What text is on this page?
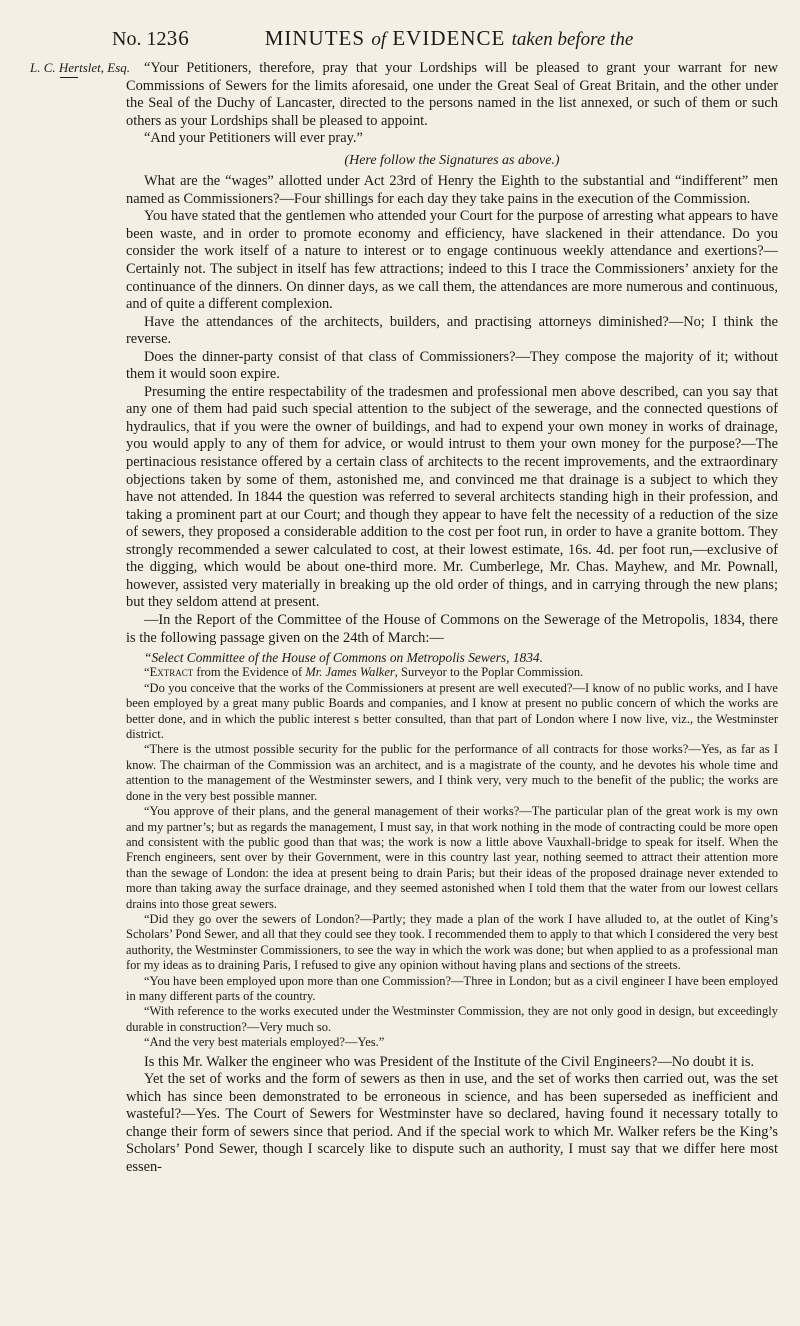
No. 12.
36	MINUTES of EVIDENCE taken before the
L. C. Hertslet, Esq. “Your Petitioners, therefore, pray that your Lordships will be pleased to grant your warrant for new Commissions of Sewers for the limits aforesaid, one under the Great Seal of Great Britain, and the other under the Seal of the Duchy of Lancaster, directed to the persons named in the list annexed, or such of them or such others as your Lordships shall be pleased to appoint.

“And your Petitioners will ever pray.”

(Here follow the Signatures as above.)

What are the “wages” allotted under Act 23rd of Henry the Eighth to the substantial and “indifferent” men named as Commissioners?—Four shillings for each day they take pains in the execution of the Commission.

You have stated that the gentlemen who attended your Court for the purpose of arresting what appears to have been waste, and in order to promote economy and efficiency, have slackened in their attendance. Do you consider the work itself of a nature to interest or to engage continuous weekly attendance and exertions?—Certainly not. The subject in itself has few attractions; indeed to this I trace the Commissioners’ anxiety for the continuance of the dinners. On dinner days, as we call them, the attendances are more numerous and continuous, and of quite a different complexion.

Have the attendances of the architects, builders, and practising attorneys diminished?—No; I think the reverse.

Does the dinner-party consist of that class of Commissioners?—They compose the majority of it; without them it would soon expire.

Presuming the entire respectability of the tradesmen and professional men above described, can you say that any one of them had paid such special attention to the subject of the sewerage, and the connected questions of hydraulics, that if you were the owner of buildings, and had to expend your own money in works of drainage, you would apply to any of them for advice, or would intrust to them your own money for the purpose?—The pertinacious resistance offered by a certain class of architects to the recent improvements, and the extraordinary objections taken by some of them, astonished me, and convinced me that drainage is a subject to which they have not attended. In 1844 the question was referred to several architects standing high in their profession, and taking a prominent part at our Court; and though they appear to have felt the necessity of a reduction of the size of sewers, they proposed a considerable addition to the cost per foot run, in order to have a granite bottom. They strongly recommended a sewer calculated to cost, at their lowest estimate, 16s. 4d. per foot run,—exclusive of the digging, which would be about one-third more. Mr. Cumberlege, Mr. Chas. Mayhew, and Mr. Pownall, however, assisted very materially in breaking up the old order of things, and in carrying through the new plans; but they seldom attend at present.

—In the Report of the Committee of the House of Commons on the Sewerage of the Metropolis, 1834, there is the following passage given on the 24th of March:—

“Select Committee of the House of Commons on Metropolis Sewers, 1834.

“Extract from the Evidence of Mr. James Walker, Surveyor to the Poplar Commission.

“Do you conceive that the works of the Commissioners at present are well executed?—I know of no public works, and I have been employed by a great many public Boards and companies, and I know at present no public concern of which the works are better done, and in which the public interest s better consulted, than that part of London where I now live, viz., the Westminster district.

“There is the utmost possible security for the public for the performance of all contracts for those works?—Yes, as far as I know. The chairman of the Commission was an architect, and is a magistrate of the county, and he devotes his whole time and attention to the management of the Westminster sewers, and I think very, very much to the benefit of the public; the works are done in the very best possible manner.

“You approve of their plans, and the general management of their works?—The particular plan of the great work is my own and my partner’s; but as regards the management, I must say, in that work nothing in the mode of contracting could be more open and consistent with the public good than that was; the work is now a little above Vauxhall-bridge to speak for itself. When the French engineers, sent over by their Government, were in this country last year, nothing seemed to attract their attention more than the sewage of London: the idea at present being to drain Paris; but their ideas of the proposed drainage never extended to more than taking away the surface drainage, and they seemed astonished when I told them that the water from our lowest cellars drains into those great sewers.

“Did they go over the sewers of London?—Partly; they made a plan of the work I have alluded to, at the outlet of King’s Scholars’ Pond Sewer, and all that they could see they took. I recommended them to apply to that which I considered the very best authority, the Westminster Commissioners, to see the way in which the work was done; but when applied to as a professional man for my ideas as to draining Paris, I refused to give any opinion without having plans and sections of the streets.

“You have been employed upon more than one Commission?—Three in London; but as a civil engineer I have been employed in many different parts of the country.

“With reference to the works executed under the Westminster Commission, they are not only good in design, but exceedingly durable in construction?—Very much so.

“And the very best materials employed?—Yes.”

Is this Mr. Walker the engineer who was President of the Institute of the Civil Engineers?—No doubt it is.

Yet the set of works and the form of sewers as then in use, and the set of works then carried out, was the set which has since been demonstrated to be erroneous in science, and has been superseded as inefficient and wasteful?—Yes. The Court of Sewers for Westminster have so declared, having found it necessary totally to change their form of sewers since that period. And if the special work to which Mr. Walker refers be the King’s Scholars’ Pond Sewer, though I scarcely like to dispute such an authority, I must say that we differ here most essen-
